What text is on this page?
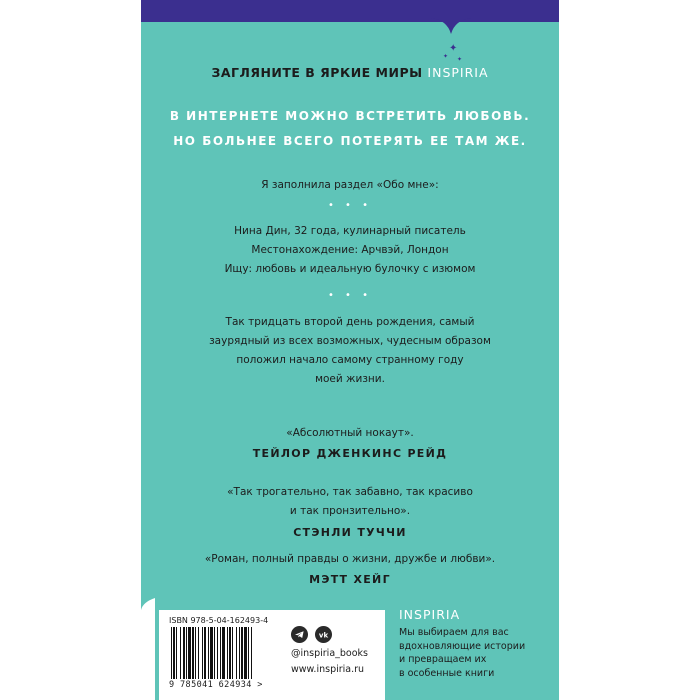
✦
✦ ✦
ЗАГЛЯНИТЕ В ЯРКИЕ МИРЫ INSPIRIA
В ИНТЕРНЕТЕ МОЖНО ВСТРЕТИТЬ ЛЮБОВЬ.
НО БОЛЬНЕЕ ВСЕГО ПОТЕРЯТЬ ЕЕ ТАМ ЖЕ.
Я заполнила раздел «Обо мне»:
• • •
Нина Дин, 32 года, кулинарный писатель
Местонахождение: Арчвэй, Лондон
Ищу: любовь и идеальную булочку с изюмом
• • •
Так тридцать второй день рождения, самый
заурядный из всех возможных, чудесным образом
положил начало самому странному году
моей жизни.
«Абсолютный нокаут».
ТЕЙЛОР ДЖЕНКИНС РЕЙД
«Так трогательно, так забавно, так красиво
и так пронзительно».
СТЭНЛИ ТУЧЧИ
«Роман, полный правды о жизни, дружбе и любви».
МЭТТ ХЕЙГ
ISBN 978-5-04-162493-4
9 785041 624934 >
vk
@inspiria_books
www.inspiria.ru
INSPIRIA
Мы выбираем для вас
вдохновляющие истории
и превращаем их
в особенные книги
